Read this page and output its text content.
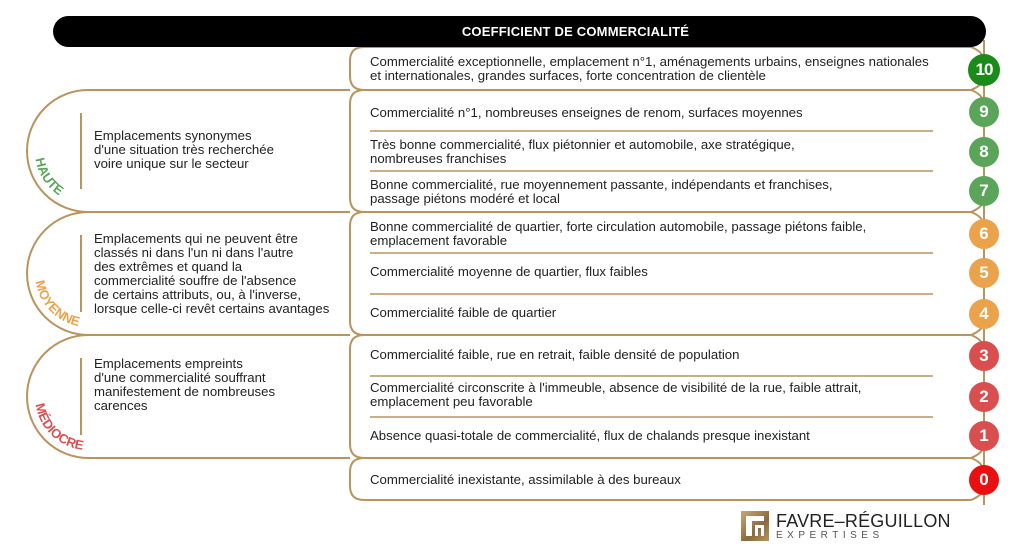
HAUTE
MOYENNE
MÉDIOCRE
COEFFICIENT DE COMMERCIALITÉ
Commercialité exceptionnelle, emplacement n°1, aménagements urbains, enseignes nationales
et internationales, grandes surfaces, forte concentration de clientèle	10
Emplacements synonymes
d'une situation très recherchée
voire unique sur le secteur
Commercialité n°1, nombreuses enseignes de renom, surfaces moyennes	9
Très bonne commercialité, flux piétonnier et automobile, axe stratégique,
nombreuses franchises	8
Bonne commercialité, rue moyennement passante, indépendants et franchises,
passage piétons modéré et local	7
Emplacements qui ne peuvent être
classés ni dans l'un ni dans l'autre
des extrêmes et quand la
commercialité souffre de l'absence
de certains attributs, ou, à l'inverse,
lorsque celle-ci revêt certains avantages
Bonne commercialité de quartier, forte circulation automobile, passage piétons faible,
emplacement favorable	6
Commercialité moyenne de quartier, flux faibles	5
Commercialité faible de quartier	4
Emplacements empreints
d'une commercialité souffrant
manifestement de nombreuses
carences
Commercialité faible, rue en retrait, faible densité de population	3
Commercialité circonscrite à l'immeuble, absence de visibilité de la rue, faible attrait,
emplacement peu favorable	2
Absence quasi-totale de commercialité, flux de chalands presque inexistant	1
Commercialité inexistante, assimilable à des bureaux	0
FAVRE–RÉGUILLON
EXPERTISES
